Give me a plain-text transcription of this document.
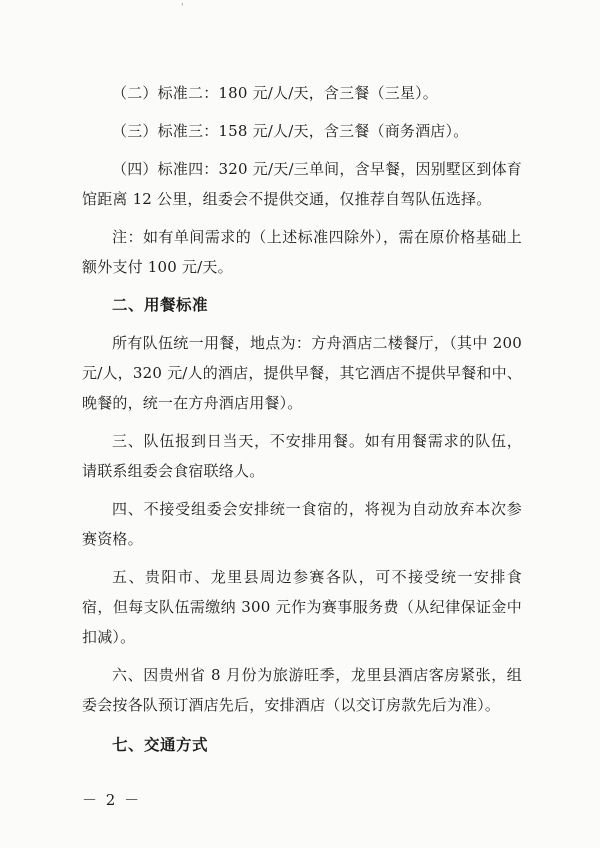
'

（二）标准二：180 元/人/天，含三餐（三星）。

（三）标准三：158 元/人/天，含三餐（商务酒店）。

（四）标准四：320 元/天/三单间，含早餐，因别墅区到体育馆距离 12 公里，组委会不提供交通，仅推荐自驾队伍选择。

注：如有单间需求的（上述标准四除外），需在原价格基础上额外支付 100 元/天。

二、用餐标准

所有队伍统一用餐，地点为：方舟酒店二楼餐厅，（其中 200 元/人，320 元/人的酒店，提供早餐，其它酒店不提供早餐和中、晚餐的，统一在方舟酒店用餐）。

三、队伍报到日当天，不安排用餐。如有用餐需求的队伍，请联系组委会食宿联络人。

四、不接受组委会安排统一食宿的，将视为自动放弃本次参赛资格。

五、贵阳市、龙里县周边参赛各队，可不接受统一安排食宿，但每支队伍需缴纳 300 元作为赛事服务费（从纪律保证金中扣减）。

六、因贵州省 8 月份为旅游旺季，龙里县酒店客房紧张，组委会按各队预订酒店先后，安排酒店（以交订房款先后为准）。

七、交通方式

－ 2 －
